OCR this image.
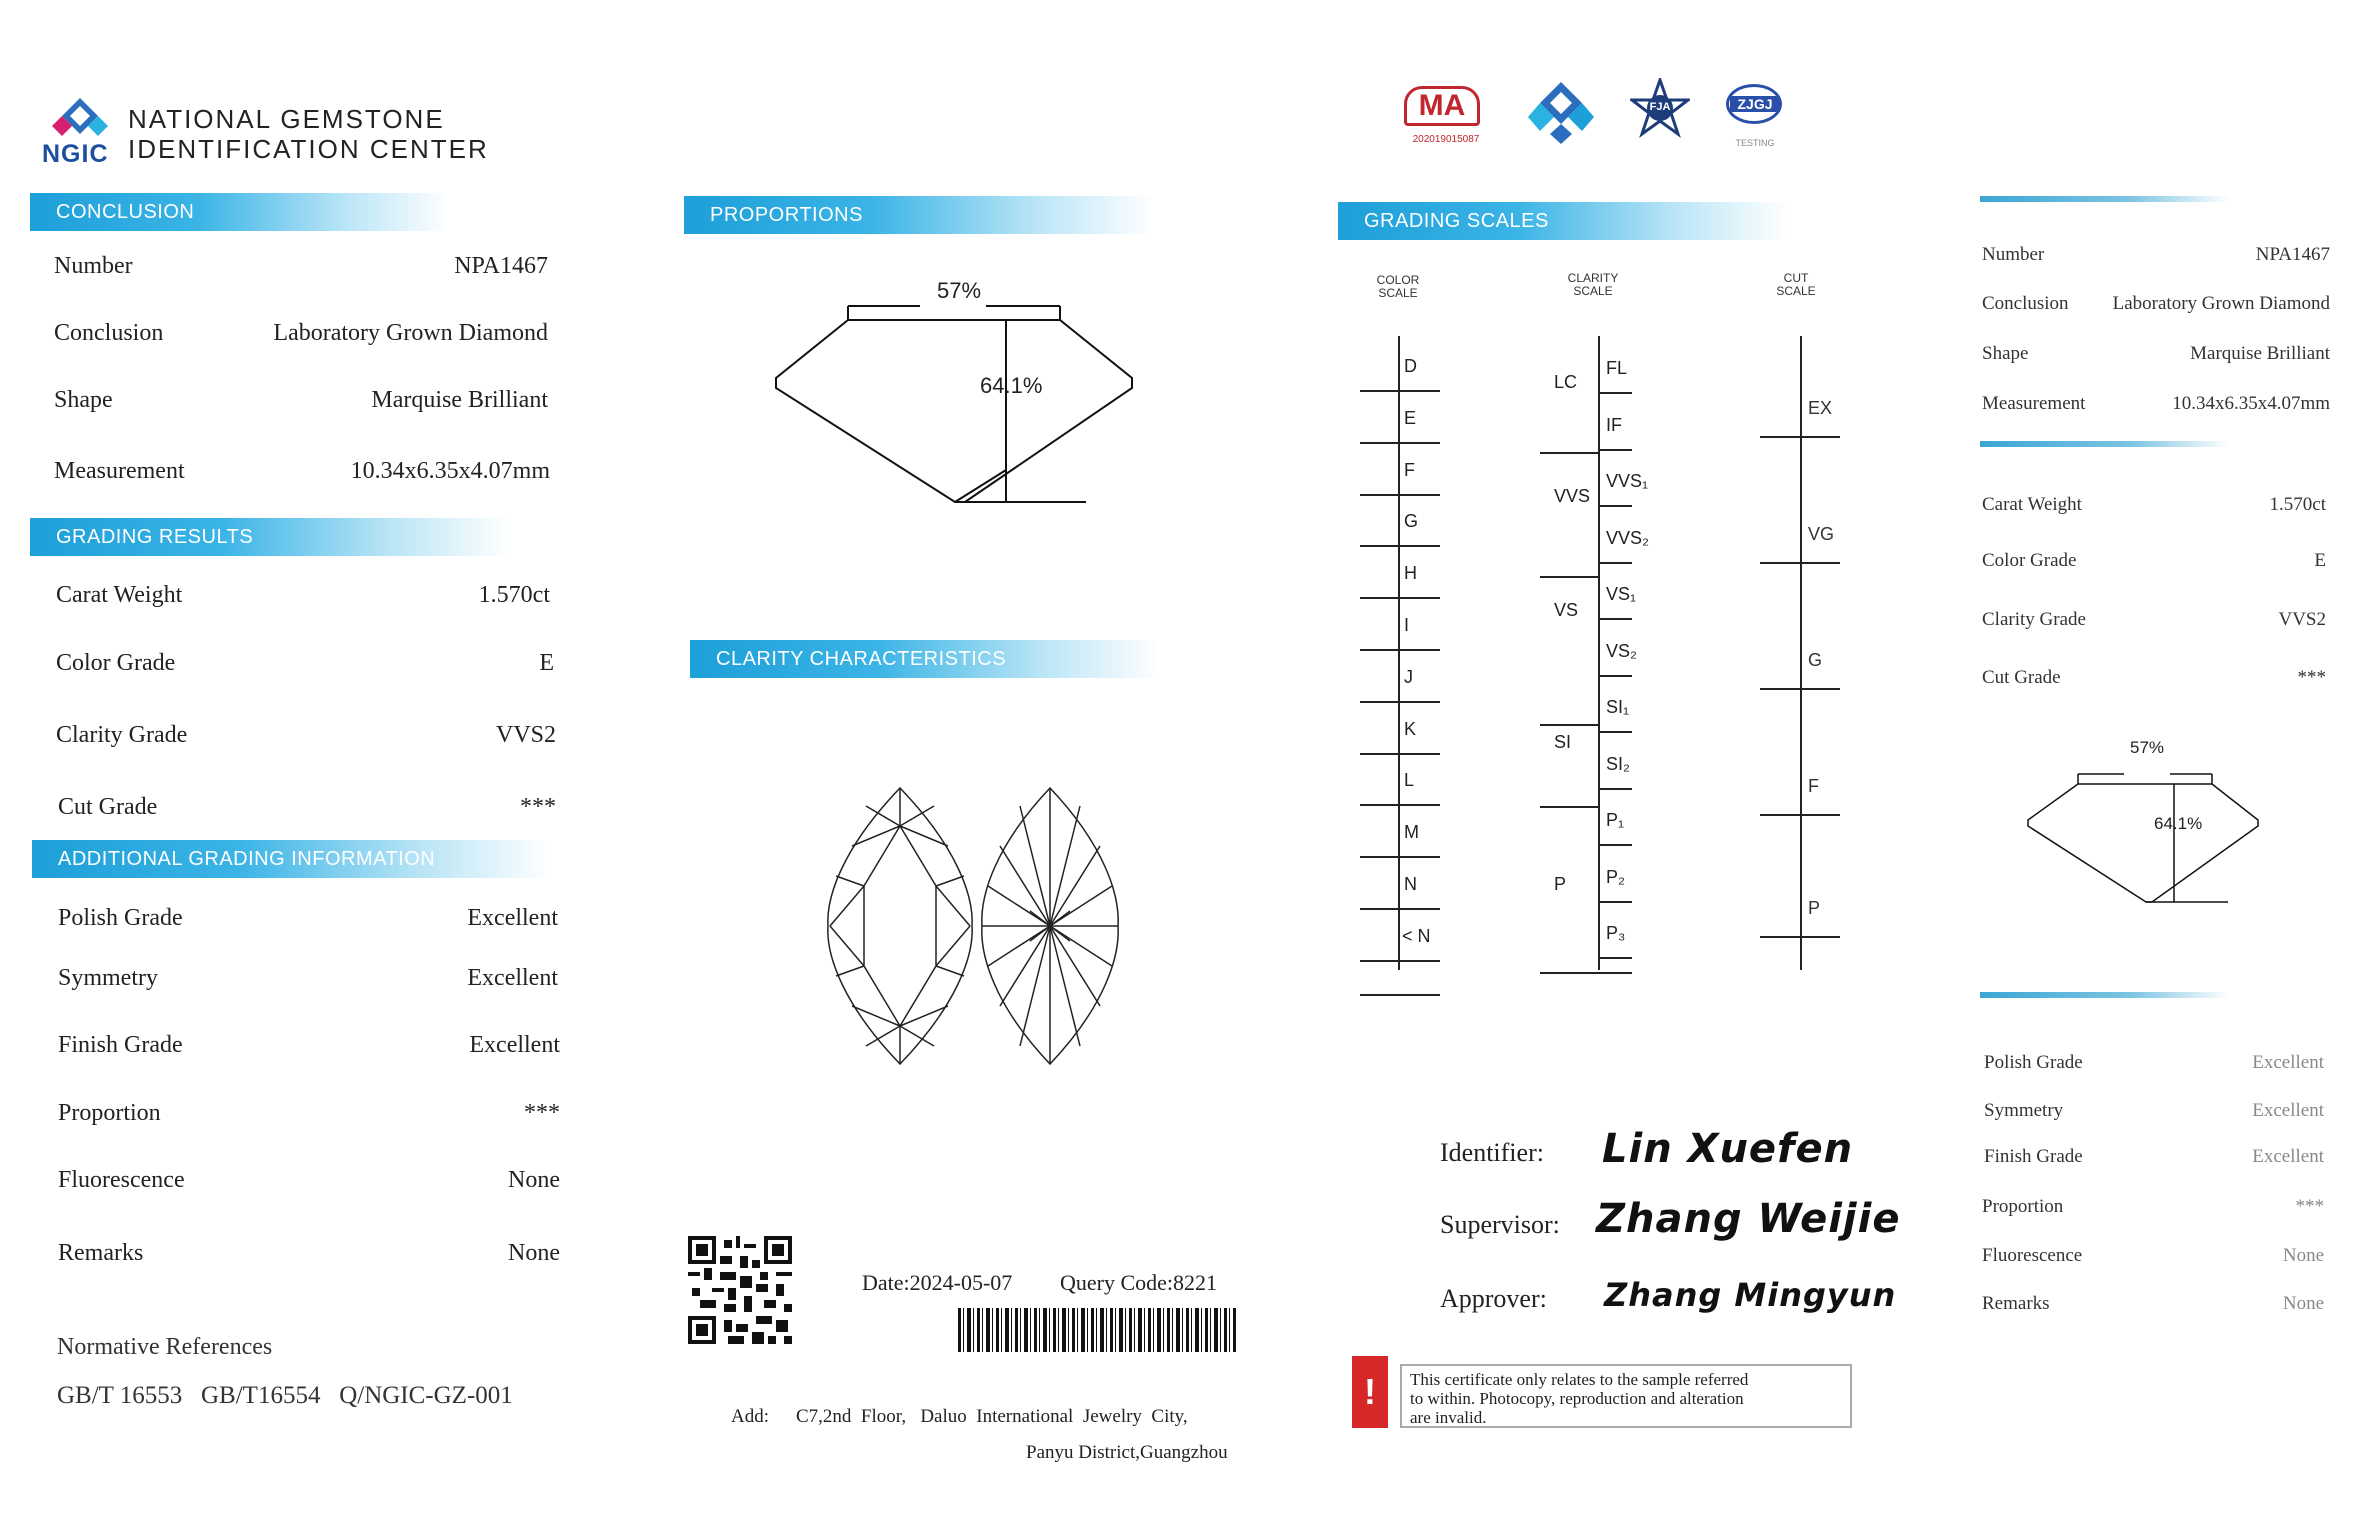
NGIC
NATIONAL GEMSTONE
IDENTIFICATION CENTER
CONCLUSION
Number	NPA1467
Conclusion	Laboratory Grown Diamond
Shape	Marquise Brilliant
Measurement	10.34x6.35x4.07mm
GRADING RESULTS
Carat Weight	1.570ct
Color Grade	E
Clarity Grade	VVS2
Cut Grade	***
ADDITIONAL GRADING INFORMATION
Polish Grade	Excellent
Symmetry	Excellent
Finish Grade	Excellent
Proportion	***
Fluorescence	None
Remarks	None
Normative References
GB/T 16553   GB/T16554   Q/NGIC-GZ-001
PROPORTIONS
57%
64.1%
CLARITY CHARACTERISTICS
Date:2024-05-07 Query Code:8221
Add: C7,2nd  Floor,   Daluo  International  Jewelry  City,
Panyu District,Guangzhou
MA
202019015087
FJA	ZJGJ
TESTING
GRADING SCALES
COLOR
SCALE
CLARITY
SCALE
CUT
SCALE
D
E
F
G
H
I
J
K
L
M
N
< N
FL
IF
VVS₁
VVS₂
VS₁
VS₂
SI₁
SI₂
P₁
P₂
P₃
LC
VVS
VS
SI
P
EX
VG
G
F
P
Identifier: Lin Xuefen
Supervisor: Zhang Weijie
Approver: Zhang Mingyun
!	This certificate only relates to the sample referred
to within. Photocopy, reproduction and alteration
are invalid.
Number	NPA1467
Conclusion Laboratory Grown Diamond
Shape	Marquise Brilliant
Measurement	10.34x6.35x4.07mm
Carat Weight	1.570ct
Color Grade	E
Clarity Grade	VVS2
Cut Grade	***
57%
64.1%
Polish Grade	Excellent
Symmetry	Excellent
Finish Grade	Excellent
Proportion	***
Fluorescence	None
Remarks	None
